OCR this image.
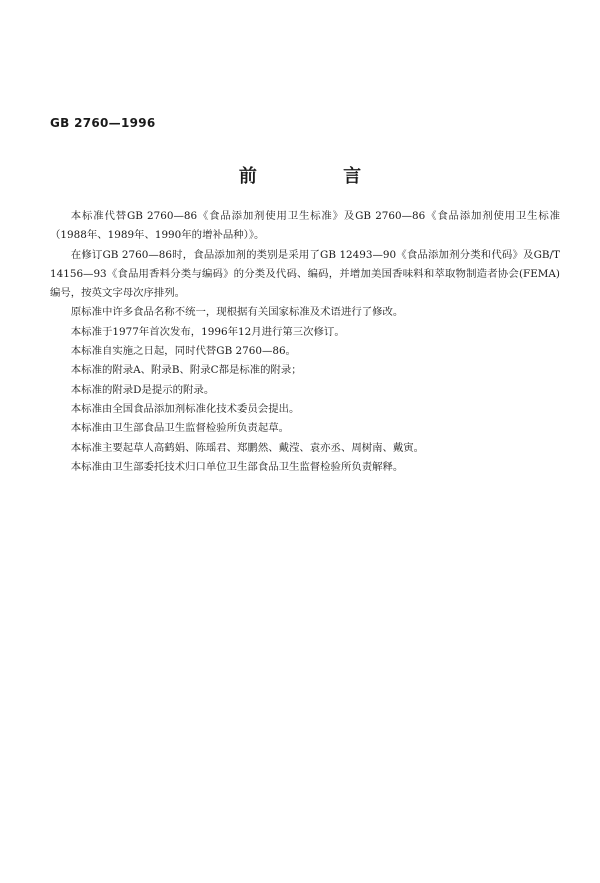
GB 2760—1996
前 言

本标准代替GB 2760—86《食品添加剂使用卫生标准》及GB 2760—86《食品添加剂使用卫生标准（1988年、1989年、1990年的增补品种）》。

在修订GB 2760—86时，食品添加剂的类别是采用了GB 12493—90《食品添加剂分类和代码》及GB/T 14156—93《食品用香料分类与编码》的分类及代码、编码，并增加美国香味料和萃取物制造者协会(FEMA)编号，按英文字母次序排列。

原标准中许多食品名称不统一，现根据有关国家标准及术语进行了修改。

本标准于1977年首次发布，1996年12月进行第三次修订。

本标准自实施之日起，同时代替GB 2760—86。

本标准的附录A、附录B、附录C都是标准的附录；

本标准的附录D是提示的附录。

本标准由全国食品添加剂标准化技术委员会提出。

本标准由卫生部食品卫生监督检验所负责起草。

本标准主要起草人高鹤娟、陈瑶君、郑鹏然、戴滢、袁亦丞、周树南、戴寅。

本标准由卫生部委托技术归口单位卫生部食品卫生监督检验所负责解释。
